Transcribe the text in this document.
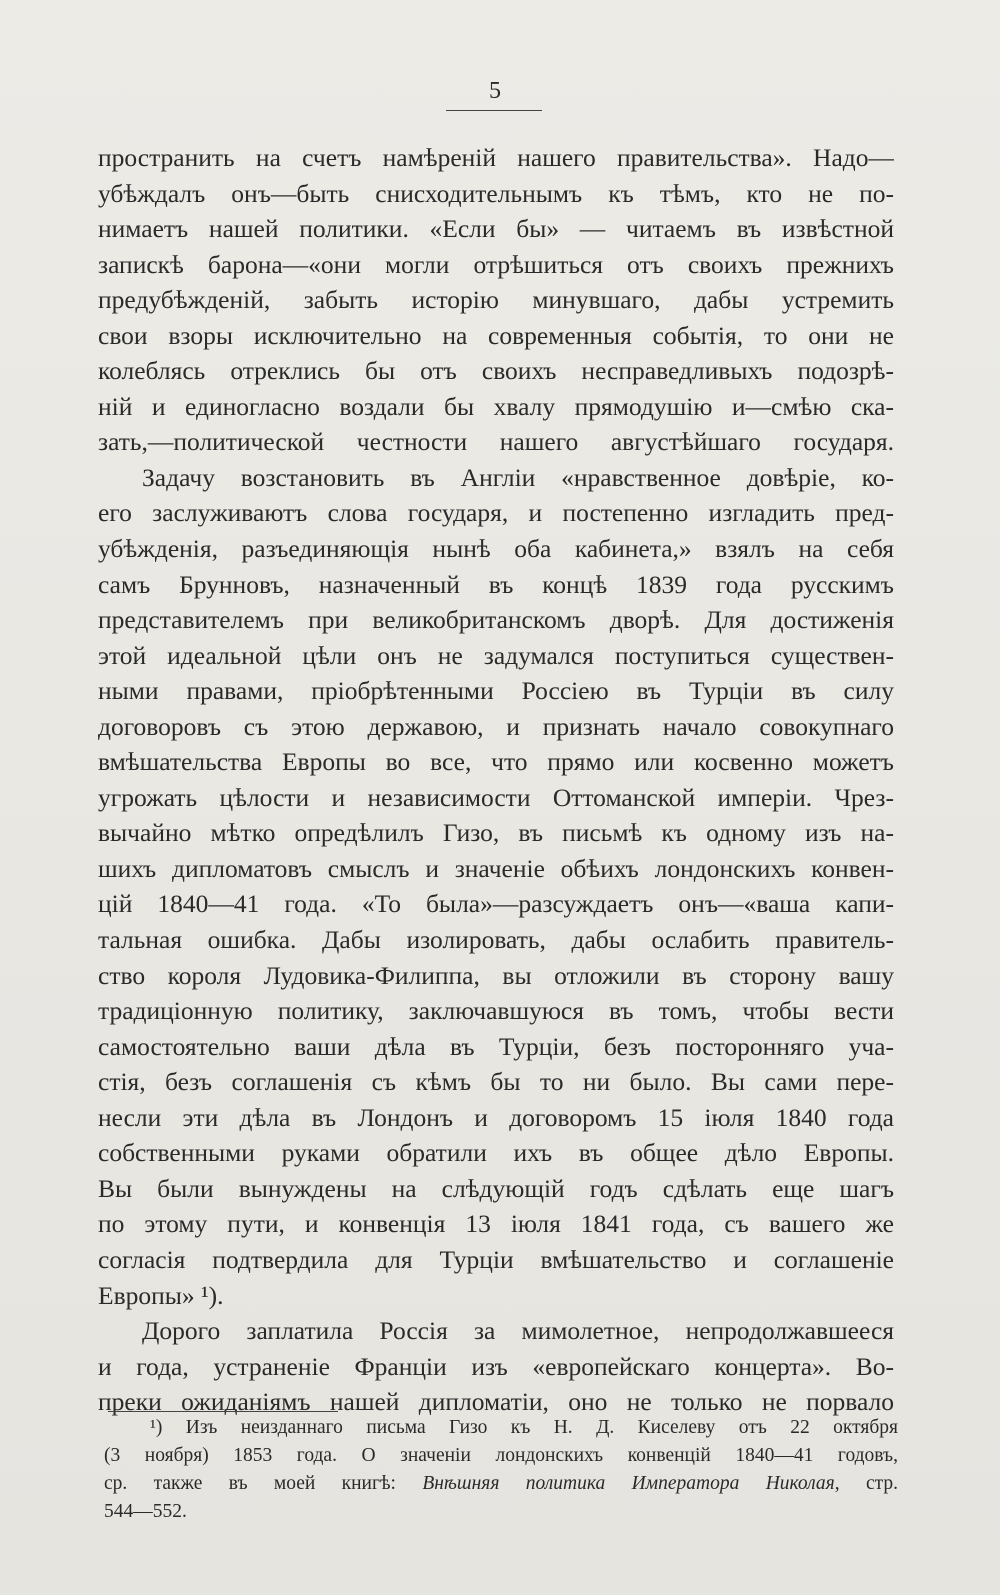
5
пространить на счетъ намѣреній нашего правительства». Надо—
убѣждалъ онъ—быть снисходительнымъ къ тѣмъ, кто не по-
нимаетъ нашей политики. «Если бы» — читаемъ въ извѣстной
запискѣ барона—«они могли отрѣшиться отъ своихъ прежнихъ
предубѣжденій, забыть исторію минувшаго, дабы устремить
свои взоры исключительно на современныя событія, то они не
колеблясь отреклись бы отъ своихъ несправедливыхъ подозрѣ-
ній и единогласно воздали бы хвалу прямодушію и—смѣю ска-
зать,—политической честности нашего августѣйшаго государя.
Задачу возстановить въ Англіи «нравственное довѣріе, ко-
его заслуживаютъ слова государя, и постепенно изгладить пред-
убѣжденія, разъединяющія нынѣ оба кабинета,» взялъ на себя
самъ Брунновъ, назначенный въ концѣ 1839 года русскимъ
представителемъ при великобританскомъ дворѣ. Для достиженія
этой идеальной цѣли онъ не задумался поступиться существен-
ными правами, пріобрѣтенными Россіею въ Турціи въ силу
договоровъ съ этою державою, и признать начало совокупнаго
вмѣшательства Европы во все, что прямо или косвенно можетъ
угрожать цѣлости и независимости Оттоманской имперіи. Чрез-
вычайно мѣтко опредѣлилъ Гизо, въ письмѣ къ одному изъ на-
шихъ дипломатовъ смыслъ и значеніе обѣихъ лондонскихъ конвен-
цій 1840—41 года. «То была»—разсуждаетъ онъ—«ваша капи-
тальная ошибка. Дабы изолировать, дабы ослабить правитель-
ство короля Лудовика-Филиппа, вы отложили въ сторону вашу
традиціонную политику, заключавшуюся въ томъ, чтобы вести
самостоятельно ваши дѣла въ Турціи, безъ посторонняго уча-
стія, безъ соглашенія съ кѣмъ бы то ни было. Вы сами пере-
несли эти дѣла въ Лондонъ и договоромъ 15 іюля 1840 года
собственными руками обратили ихъ въ общее дѣло Европы.
Вы были вынуждены на слѣдующій годъ сдѣлать еще шагъ
по этому пути, и конвенція 13 іюля 1841 года, съ вашего же
согласія подтвердила для Турціи вмѣшательство и соглашеніе
Европы» ¹).
Дорого заплатила Россія за мимолетное, непродолжавшееся
и года, устраненіе Франціи изъ «европейскаго концерта». Во-
преки ожиданіямъ нашей дипломатіи, оно не только не порвало
¹) Изъ неизданнаго письма Гизо къ Н. Д. Киселеву отъ 22 октября
(3 ноября) 1853 года. О значеніи лондонскихъ конвенцій 1840—41 годовъ,
ср. также въ моей книгѣ: Внѣшняя политика Императора Николая, стр.
544—552.
